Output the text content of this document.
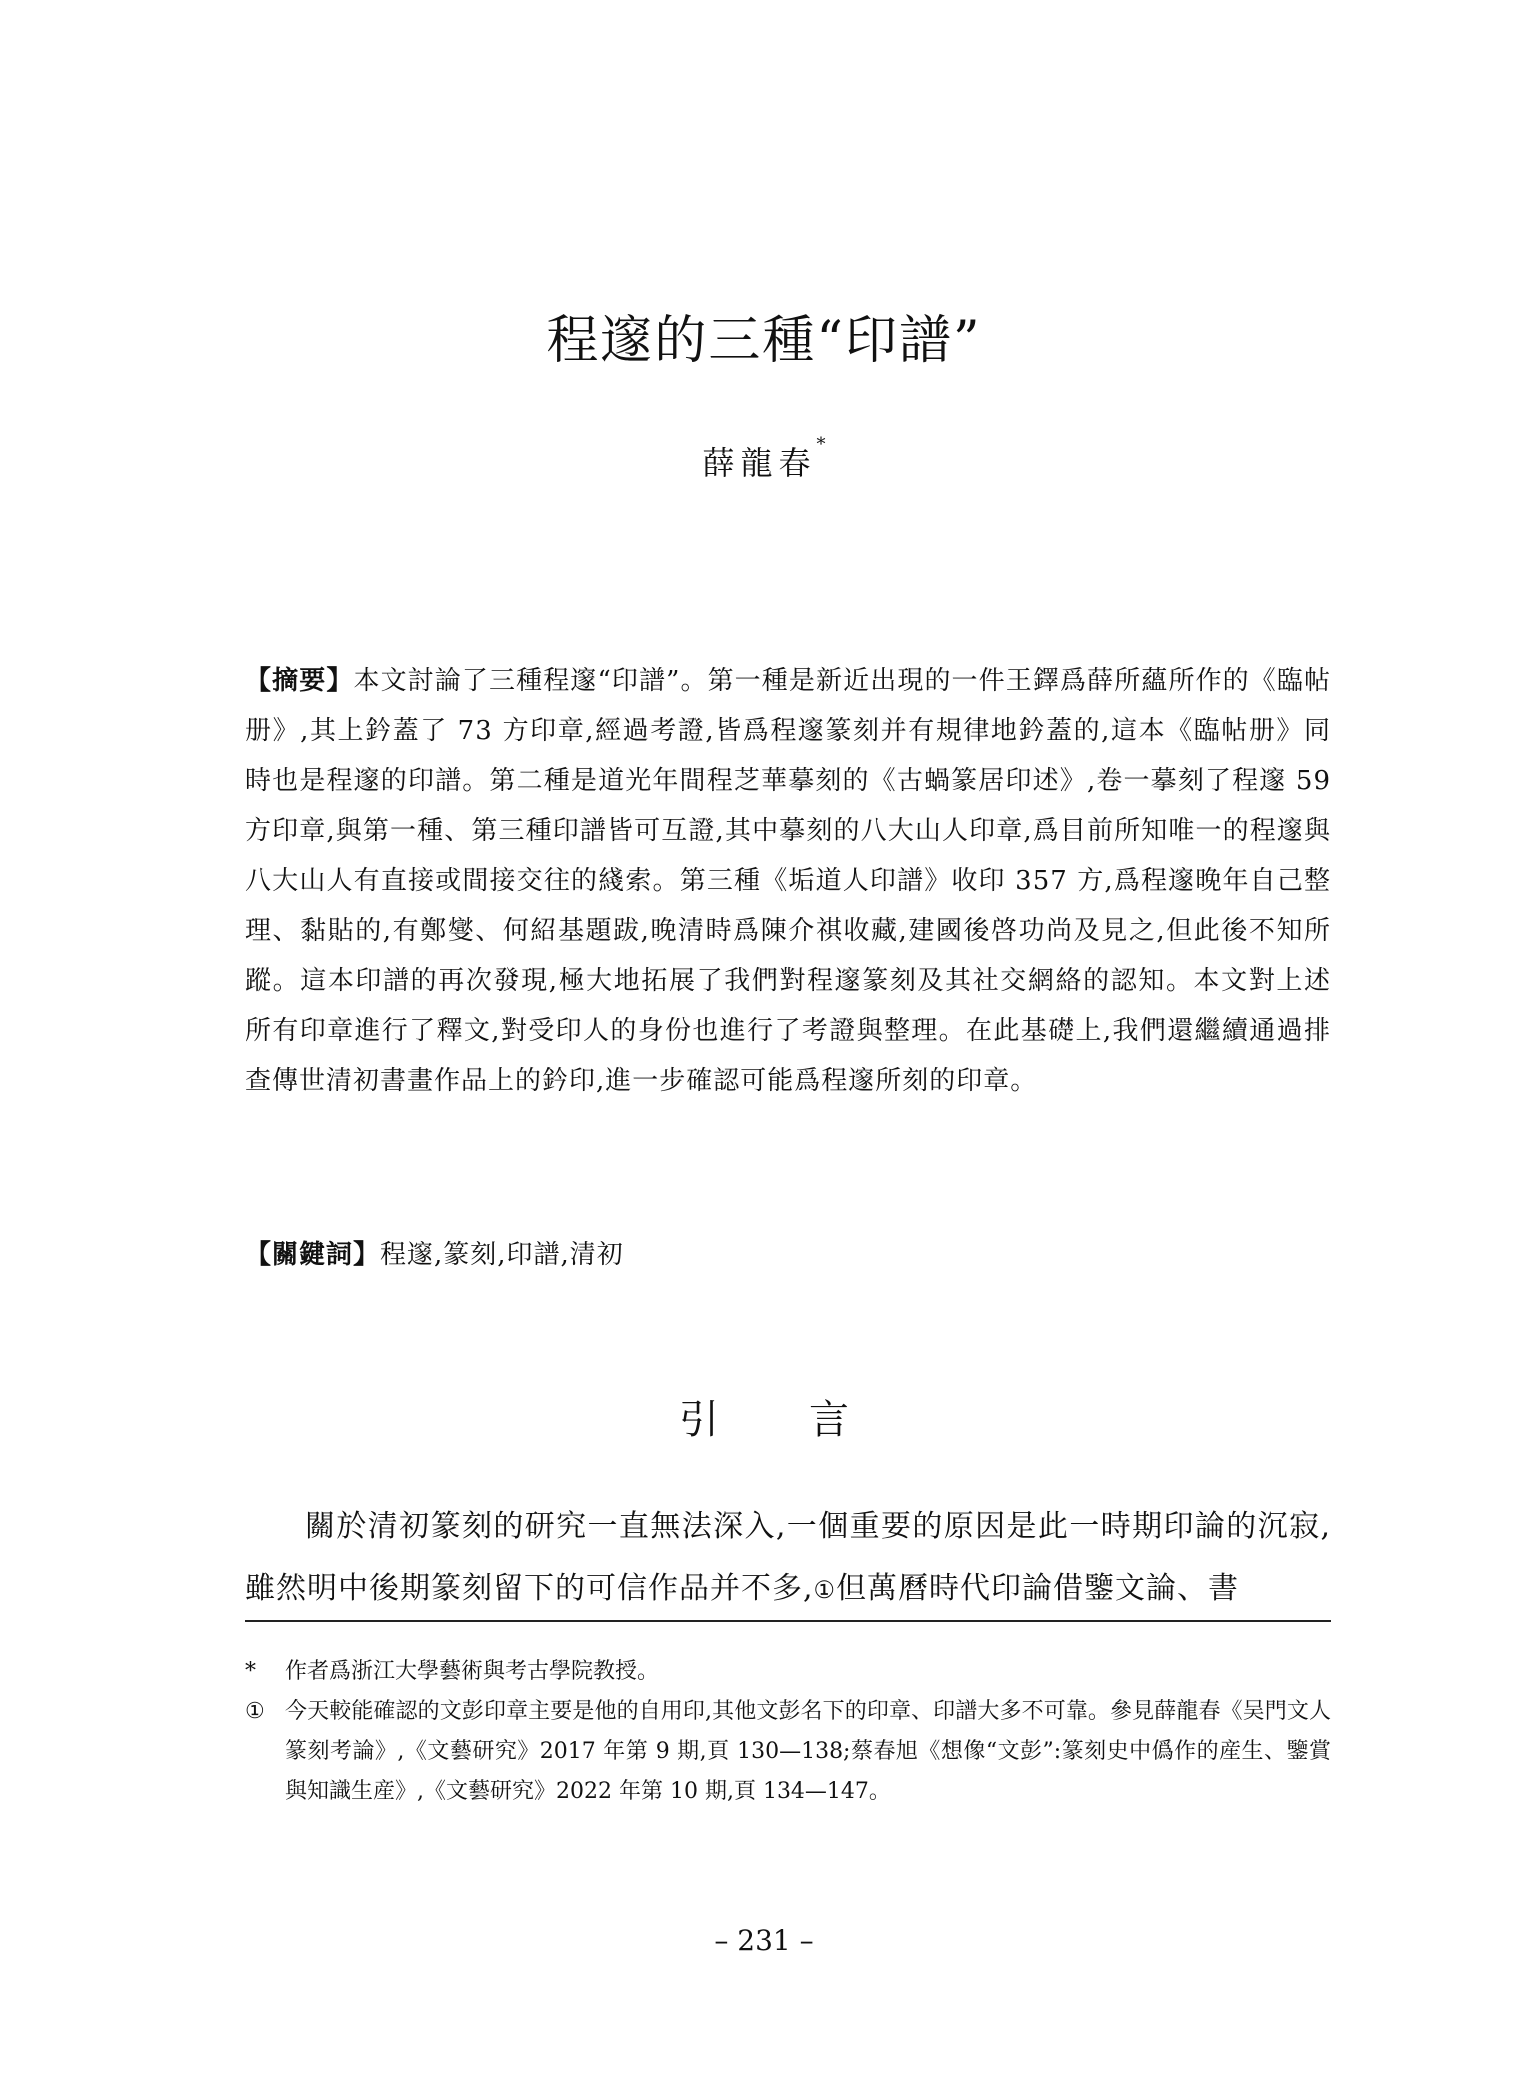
程邃的三種“印譜”
薛龍春*
【摘要】本文討論了三種程邃“印譜”。第一種是新近出現的一件王鐸爲薛所蘊所作的《臨帖册》,其上鈐蓋了 73 方印章,經過考證,皆爲程邃篆刻并有規律地鈐蓋的,這本《臨帖册》同時也是程邃的印譜。第二種是道光年間程芝華摹刻的《古蝸篆居印述》,卷一摹刻了程邃 59 方印章,與第一種、第三種印譜皆可互證,其中摹刻的八大山人印章,爲目前所知唯一的程邃與八大山人有直接或間接交往的綫索。第三種《垢道人印譜》收印 357 方,爲程邃晚年自己整理、黏貼的,有鄭燮、何紹基題跋,晚清時爲陳介祺收藏,建國後啓功尚及見之,但此後不知所蹤。這本印譜的再次發現,極大地拓展了我們對程邃篆刻及其社交網絡的認知。本文對上述所有印章進行了釋文,對受印人的身份也進行了考證與整理。在此基礎上,我們還繼續通過排查傳世清初書畫作品上的鈐印,進一步確認可能爲程邃所刻的印章。
【關鍵詞】程邃,篆刻,印譜,清初
引言
關於清初篆刻的研究一直無法深入,一個重要的原因是此一時期印論的沉寂,雖然明中後期篆刻留下的可信作品并不多,①但萬曆時代印論借鑒文論、書
*	作者爲浙江大學藝術與考古學院教授。
① 今天較能確認的文彭印章主要是他的自用印,其他文彭名下的印章、印譜大多不可靠。參見薛龍春《吴門文人篆刻考論》,《文藝研究》2017 年第 9 期,頁 130—138;蔡春旭《想像“文彭”:篆刻史中僞作的産生、鑒賞與知識生産》,《文藝研究》2022 年第 10 期,頁 134—147。
– 231 –
